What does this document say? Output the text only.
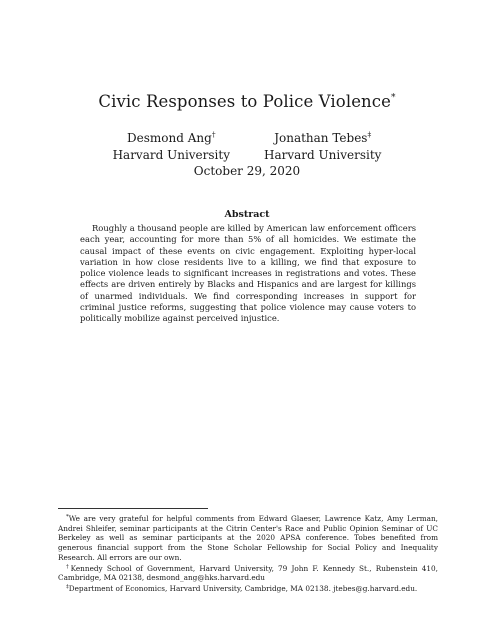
Civic Responses to Police Violence*
Desmond Ang†
Harvard University
Jonathan Tebes‡
Harvard University
October 29, 2020
Abstract

Roughly a thousand people are killed by American law enforcement officers each year, accounting for more than 5% of all homicides. We estimate the causal impact of these events on civic engagement. Exploiting hyper-local variation in how close residents live to a killing, we find that exposure to police violence leads to significant increases in registrations and votes. These effects are driven entirely by Blacks and Hispanics and are largest for killings of unarmed individuals. We find corresponding increases in support for criminal justice reforms, suggesting that police violence may cause voters to politically mobilize against perceived injustice.

*We are very grateful for helpful comments from Edward Glaeser, Lawrence Katz, Amy Lerman, Andrei Shleifer, seminar participants at the Citrin Center's Race and Public Opinion Seminar of UC Berkeley as well as seminar participants at the 2020 APSA conference. Tobes benefited from generous financial support from the Stone Scholar Fellowship for Social Policy and Inequality Research. All errors are our own.

†Kennedy School of Government, Harvard University, 79 John F. Kennedy St., Rubenstein 410, Cambridge, MA 02138, desmond_ang@hks.harvard.edu

‡Department of Economics, Harvard University, Cambridge, MA 02138. jtebes@g.harvard.edu.
